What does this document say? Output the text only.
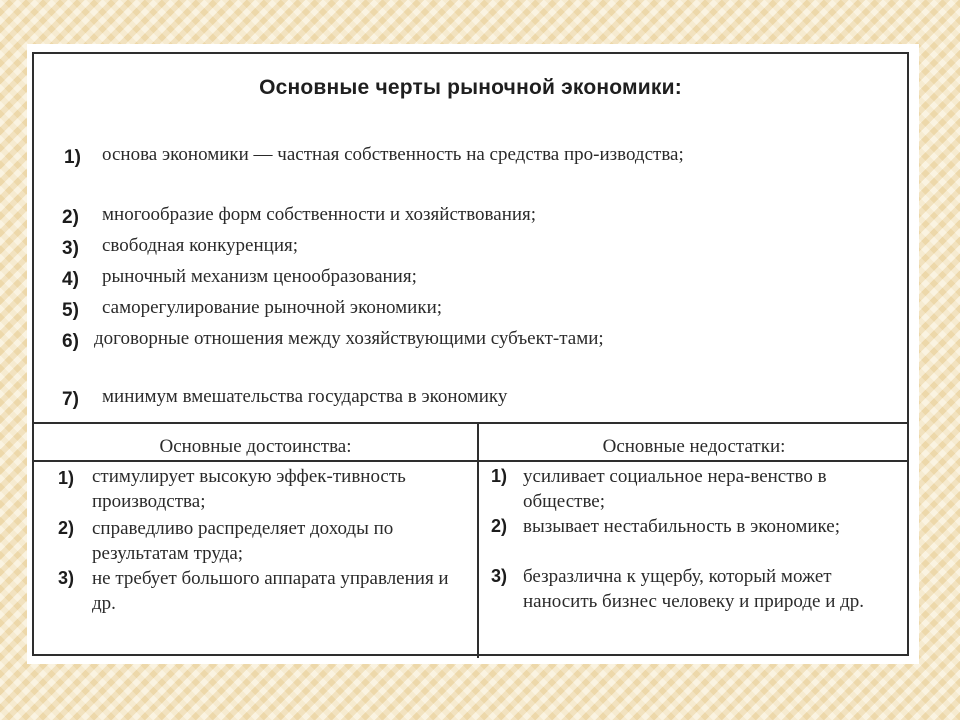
Основные черты рыночной экономики:
1) основа экономики — частная собственность на средства про-изводства;
2) многообразие форм собственности и хозяйствования;
3) свободная конкуренция;
4) рыночный механизм ценообразования;
5) саморегулирование рыночной экономики;
6) договорные отношения между хозяйствующими субъект-тами;
7) минимум вмешательства государства в экономику
Основные достоинства:	Основные недостатки:
1) стимулирует высокую эффек-тивность производства;
2) справедливо распределяет доходы по результатам труда;
3) не требует большого аппарата управления и др.
1) усиливает социальное нера-венство в обществе;
2) вызывает нестабильность в экономике;
3) безразлична к ущербу, который может наносить бизнес человеку и природе и др.
